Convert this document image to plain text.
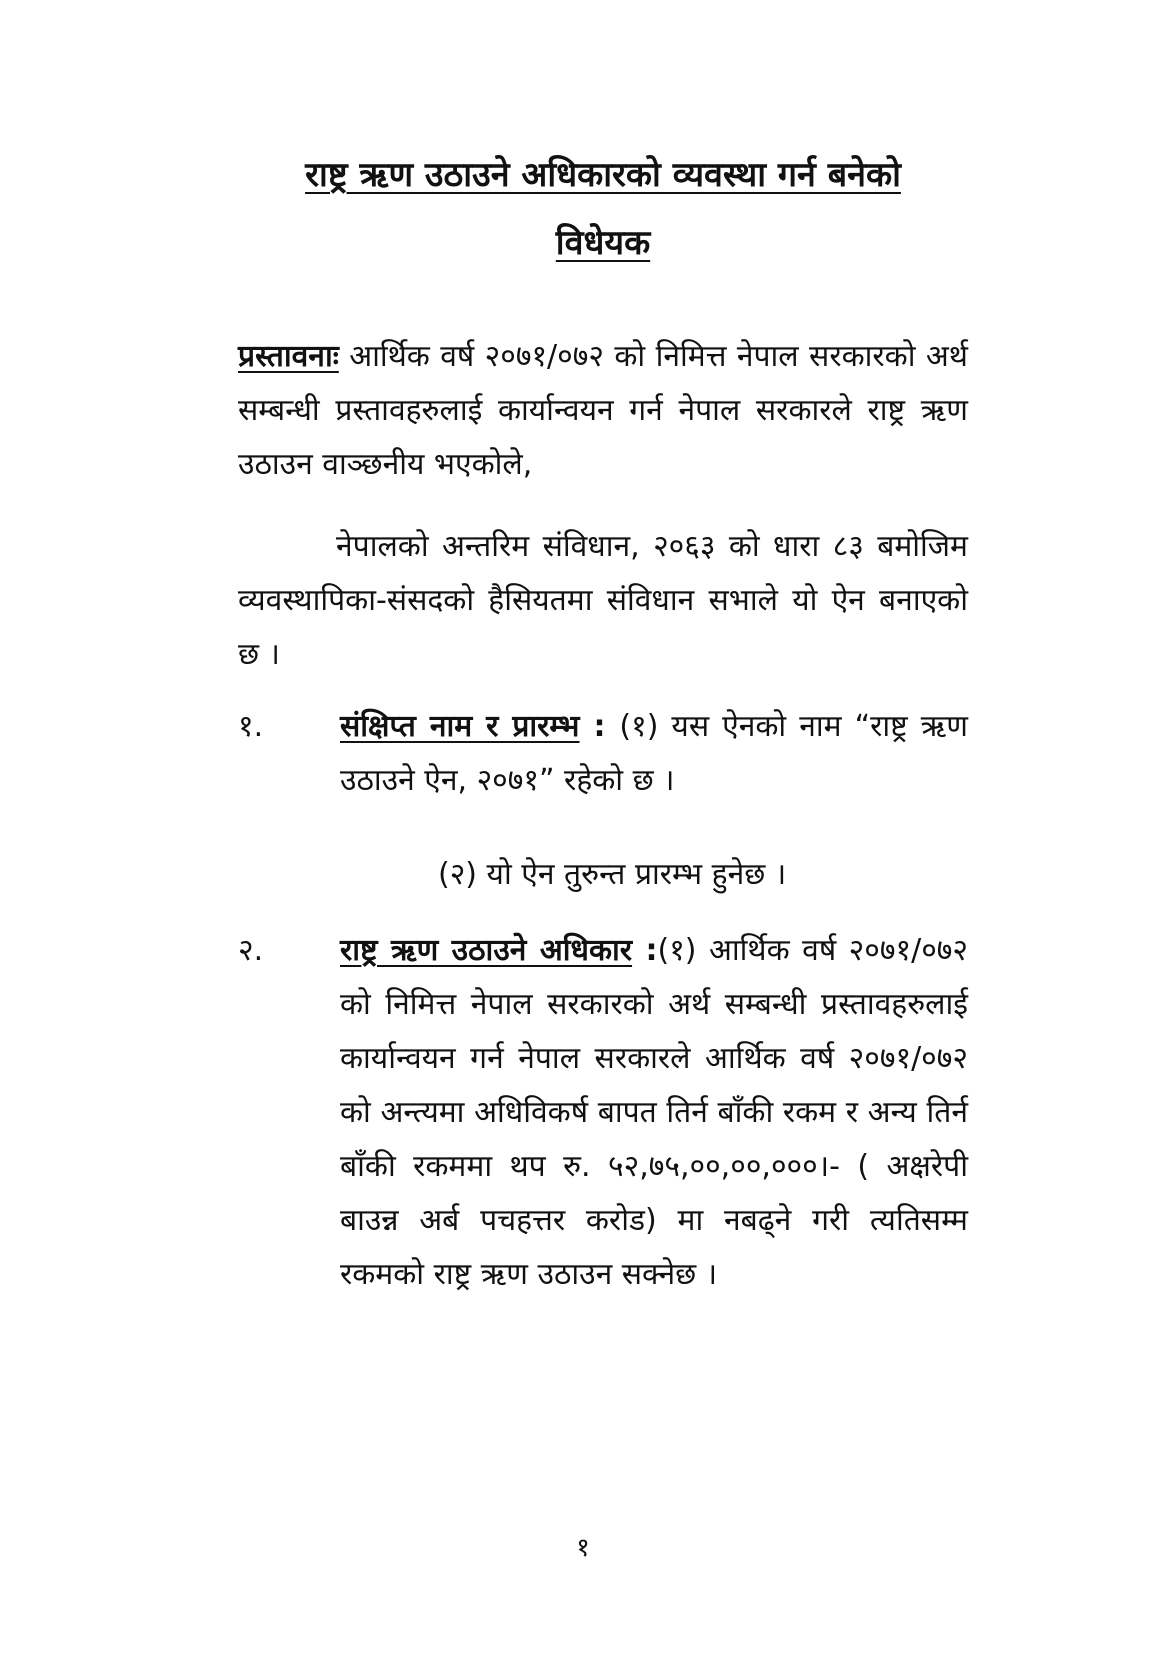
राष्ट्र ऋण उठाउने अधिकारको व्यवस्था गर्न बनेको
विधेयक

प्रस्तावनाः आर्थिक वर्ष २०७१/०७२ को निमित्त नेपाल सरकारको अर्थ सम्बन्धी प्रस्तावहरुलाई कार्यान्वयन गर्न नेपाल सरकारले राष्ट्र ऋण उठाउन वाञ्छनीय भएकोले,

नेपालको अन्तरिम संविधान, २०६३ को धारा ८३ बमोजिम व्यवस्थापिका-संसदको हैसियतमा संविधान सभाले यो ऐन बनाएको छ ।

१.	संक्षिप्त नाम र प्रारम्भ : (१) यस ऐनको नाम “राष्ट्र ऋण उठाउने ऐन, २०७१” रहेको छ ।

(२) यो ऐन तुरुन्त प्रारम्भ हुनेछ ।
२.	राष्ट्र ऋण उठाउने अधिकार :(१) आर्थिक वर्ष २०७१/०७२ को निमित्त नेपाल सरकारको अर्थ सम्बन्धी प्रस्तावहरुलाई कार्यान्वयन गर्न नेपाल सरकारले आर्थिक वर्ष २०७१/०७२ को अन्त्यमा अधिविकर्ष बापत तिर्न बाँकी रकम र अन्य तिर्न बाँकी रकममा थप रु. ५२,७५,००,००,०००।- ( अक्षरेपी बाउन्न अर्ब पचहत्तर करोड) मा नबढ्ने गरी त्यतिसम्म रकमको राष्ट्र ऋण उठाउन सक्नेछ ।

१
